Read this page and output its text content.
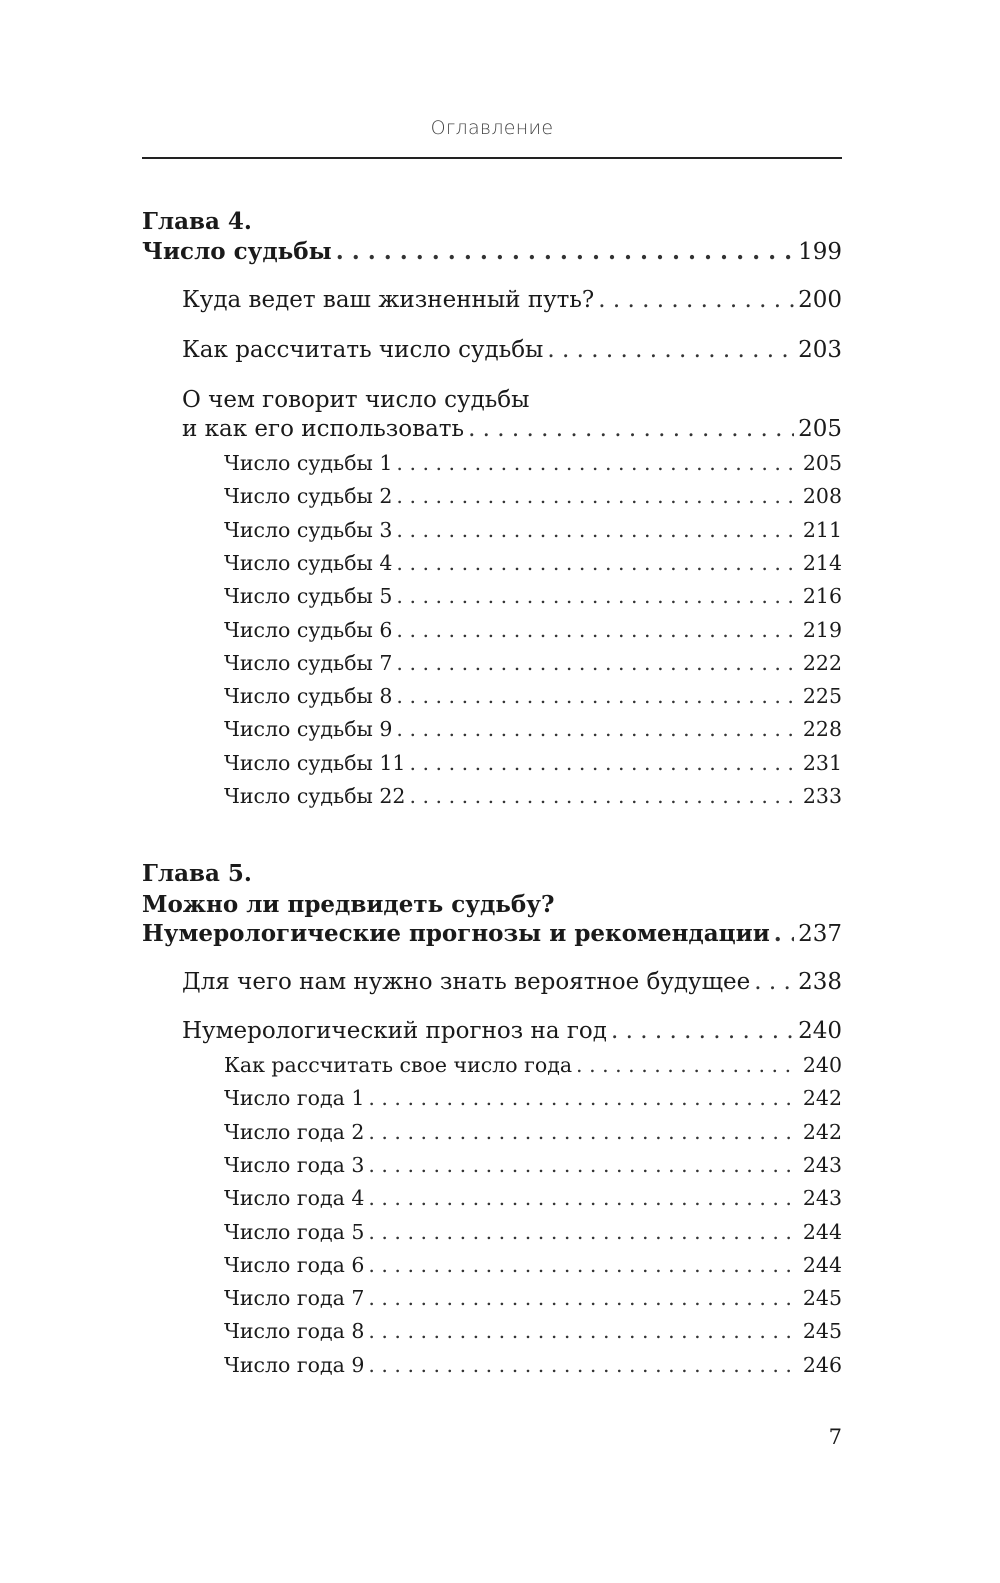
Оглавление
Глава 4.
Число судьбы . . .	199
Куда ведет ваш жизненный путь? . . .	200
Как рассчитать число судьбы . . .	203
О чем говорит число судьбы
и как его использовать . . .	205
Число судьбы 1 . . .	205
Число судьбы 2 . . .	208
Число судьбы 3 . . .	211
Число судьбы 4 . . .	214
Число судьбы 5 . . .	216
Число судьбы 6 . . .	219
Число судьбы 7 . . .	222
Число судьбы 8 . . .	225
Число судьбы 9 . . .	228
Число судьбы 11 . . .	231
Число судьбы 22 . . .	233
Глава 5.
Можно ли предвидеть судьбу?
Нумерологические прогнозы и рекомендации . . . 237
Для чего нам нужно знать вероятное будущее . . . 238
Нумерологический прогноз на год . . .	240
Как рассчитать свое число года . . .	240
Число года 1 . . .	242
Число года 2 . . .	242
Число года 3 . . .	243
Число года 4 . . .	243
Число года 5 . . .	244
Число года 6 . . .	244
Число года 7 . . .	245
Число года 8 . . .	245
Число года 9 . . .	246
7
